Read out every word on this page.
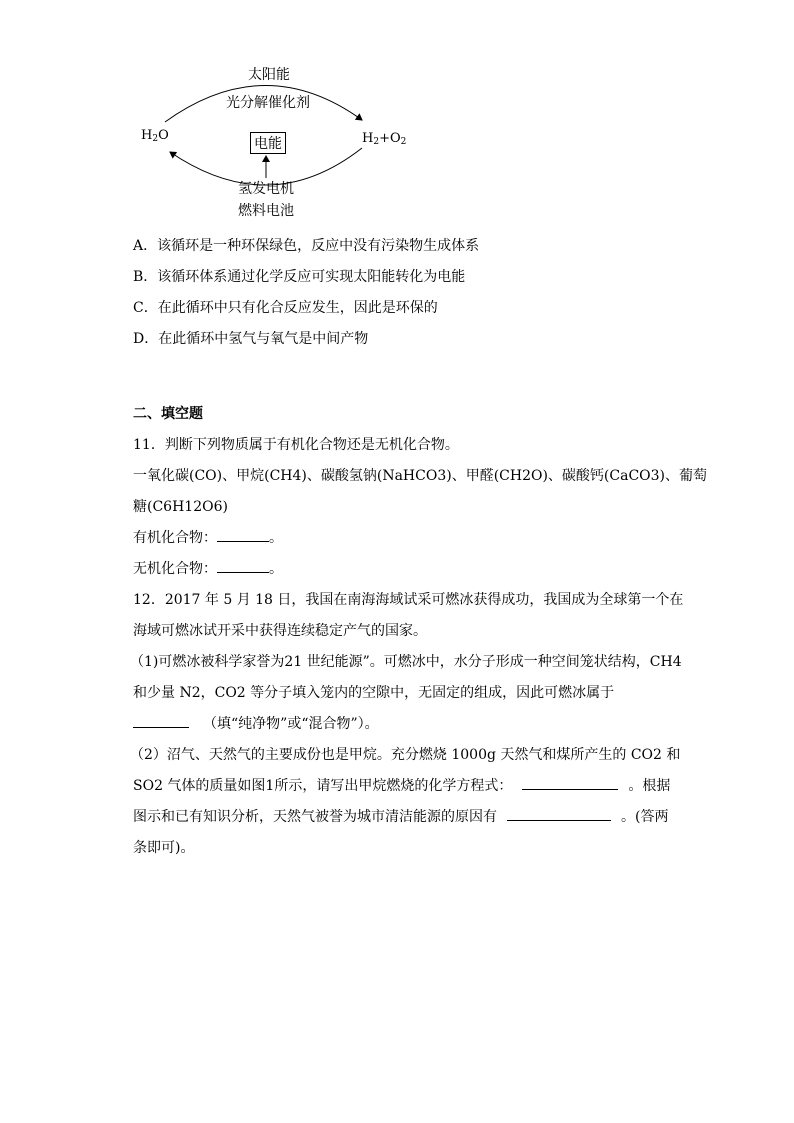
太阳能
光分解催化剂
$H_2O$	$H_2+O_2$
电能
氢发电机
燃料电池
A．该循环是一种环保绿色，反应中没有污染物生成体系
B．该循环体系通过化学反应可实现太阳能转化为电能
C．在此循环中只有化合反应发生，因此是环保的
D．在此循环中氢气与氧气是中间产物
二、填空题
11．判断下列物质属于有机化合物还是无机化合物。
一氧化碳(CO)、甲烷(CH4)、碳酸氢钠(NaHCO3)、甲醛(CH2O)、碳酸钙(CaCO3)、葡萄
糖(C6H12O6)
有机化合物：	。
无机化合物：	。
12．2017 年 5 月 18 日，我国在南海海域试采可燃冰获得成功，我国成为全球第一个在
海域可燃冰试开采中获得连续稳定产气的国家。
（1)可燃冰被科学家誉为21 世纪能源”。可燃冰中，水分子形成一种空间笼状结构，CH4
和少量 N2，CO2 等分子填入笼内的空隙中，无固定的组成，因此可燃冰属于
（填“纯净物”或“混合物”）。
（2）沼气、天然气的主要成份也是甲烷。充分燃烧 1000g 天然气和煤所产生的 CO2 和
SO2 气体的质量如图1所示，请写出甲烷燃烧的化学方程式：	。根据
图示和已有知识分析，天然气被誉为城市清洁能源的原因有	。(答两
条即可)。
